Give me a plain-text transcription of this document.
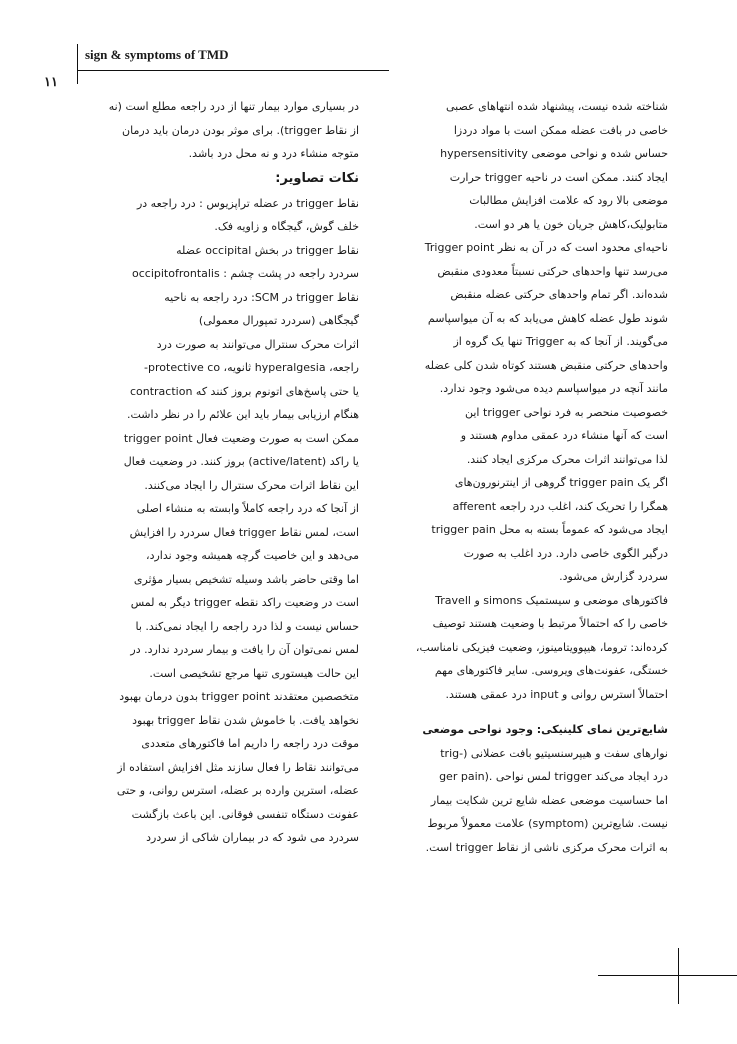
sign & symptoms of TMD
۱۱
شناخته شده نیست، پیشنهاد شده انتهاهای عصبی
خاصی در بافت عضله ممکن است با مواد دردزا
حساس شده و نواحی موضعی hypersensitivity
ایجاد کنند. ممکن است در ناحیه trigger حرارت
موضعی بالا رود که علامت افزایش مطالبات
متابولیک،کاهش جریان خون یا هر دو است.
Trigger point ناحیه‌ای محدود است که در آن به نظر
می‌رسد تنها واحدهای حرکتی نسبتاً معدودی منقبض
شده‌اند. اگر تمام واحدهای حرکتی عضله منقبض
شوند طول عضله کاهش می‌یابد که به آن میواسپاسم
می‌گویند. از آنجا که به Trigger تنها یک گروه از
واحدهای حرکتی منقبض هستند کوتاه شدن کلی عضله
مانند آنچه در میواسپاسم دیده می‌شود وجود ندارد.
خصوصیت منحصر به فرد نواحی trigger این
است که آنها منشاء درد عمقی مداوم هستند و
لذا می‌توانند اثرات محرک مرکزی ایجاد کنند.
اگر یک trigger pain گروهی از اینترنورون‌های
afferent همگرا را تحریک کند، اغلب درد راجعه
ایجاد می‌شود که عموماً بسته به محل trigger pain
درگیر الگوی خاصی دارد. درد اغلب به صورت
سردرد گزارش می‌شود.
Travell و simons فاکتورهای موضعی و سیستمیک
خاصی را که احتمالاً مرتبط با وضعیت هستند توصیف
کرده‌اند: تروما، هیپوویتامینوز، وضعیت فیزیکی نامناسب،
خستگی، عفونت‌های ویروسی. سایر فاکتورهای مهم
احتمالاً استرس روانی و input درد عمقی هستند.
شایع‌ترین نمای کلینیکی: وجود نواحی موضعی
نوارهای سفت و هیپرسنسیتیو بافت عضلانی (-trig
ger pain). لمس نواحی trigger درد ایجاد می‌کند
اما حساسیت موضعی عضله شایع ترین شکایت بیمار
نیست. شایع‌ترین (symptom) علامت معمولاً مربوط
به اثرات محرک مرکزی ناشی از نقاط trigger است.
در بسیاری موارد بیمار تنها از درد راجعه مطلع است (نه
از نقاط trigger). برای موثر بودن درمان باید درمان
متوجه منشاء درد و نه محل درد باشد.
نکات تصاویر:
نقاط trigger در عضله تراپزیوس : درد راجعه در
خلف گوش، گیجگاه و زاویه فک.
نقاط trigger در بخش occipital عضله
occipitofrontalis : سردرد راجعه در پشت چشم
نقاط trigger در SCM: درد راجعه به ناحیه
گیجگاهی (سردرد تمپورال معمولی)
اثرات محرک سنترال می‌توانند به صورت درد
راجعه، hyperalgesia ثانویه، protective co-
contraction یا حتی پاسخ‌های اتونوم بروز کنند که
هنگام ارزیابی بیمار باید این علائم را در نظر داشت.
trigger point ممکن است به صورت وضعیت فعال
یا راکد (active/latent) بروز کنند. در وضعیت فعال
این نقاط اثرات محرک سنترال را ایجاد می‌کنند.
از آنجا که درد راجعه کاملاً وابسته به منشاء اصلی
است، لمس نقاط trigger فعال سردرد را افزایش
می‌دهد و این خاصیت گرچه همیشه وجود ندارد،
اما وقتی حاضر باشد وسیله تشخیص بسیار مؤثری
است در وضعیت راکد نقطه trigger دیگر به لمس
حساس نیست و لذا درد راجعه را ایجاد نمی‌کند. با
لمس نمی‌توان آن را یافت و بیمار سردرد ندارد. در
این حالت هیستوری تنها مرجع تشخیصی است.
متخصصین معتقدند trigger point بدون درمان بهبود
نخواهد یافت. با خاموش شدن نقاط trigger بهبود
موقت درد راجعه را داریم اما فاکتورهای متعددی
می‌توانند نقاط را فعال سازند مثل افزایش استفاده از
عضله، استرین وارده بر عضله، استرس روانی، و حتی
عفونت دستگاه تنفسی فوقانی. این باعث بازگشت
سردرد می شود که در بیماران شاکی از سردرد
